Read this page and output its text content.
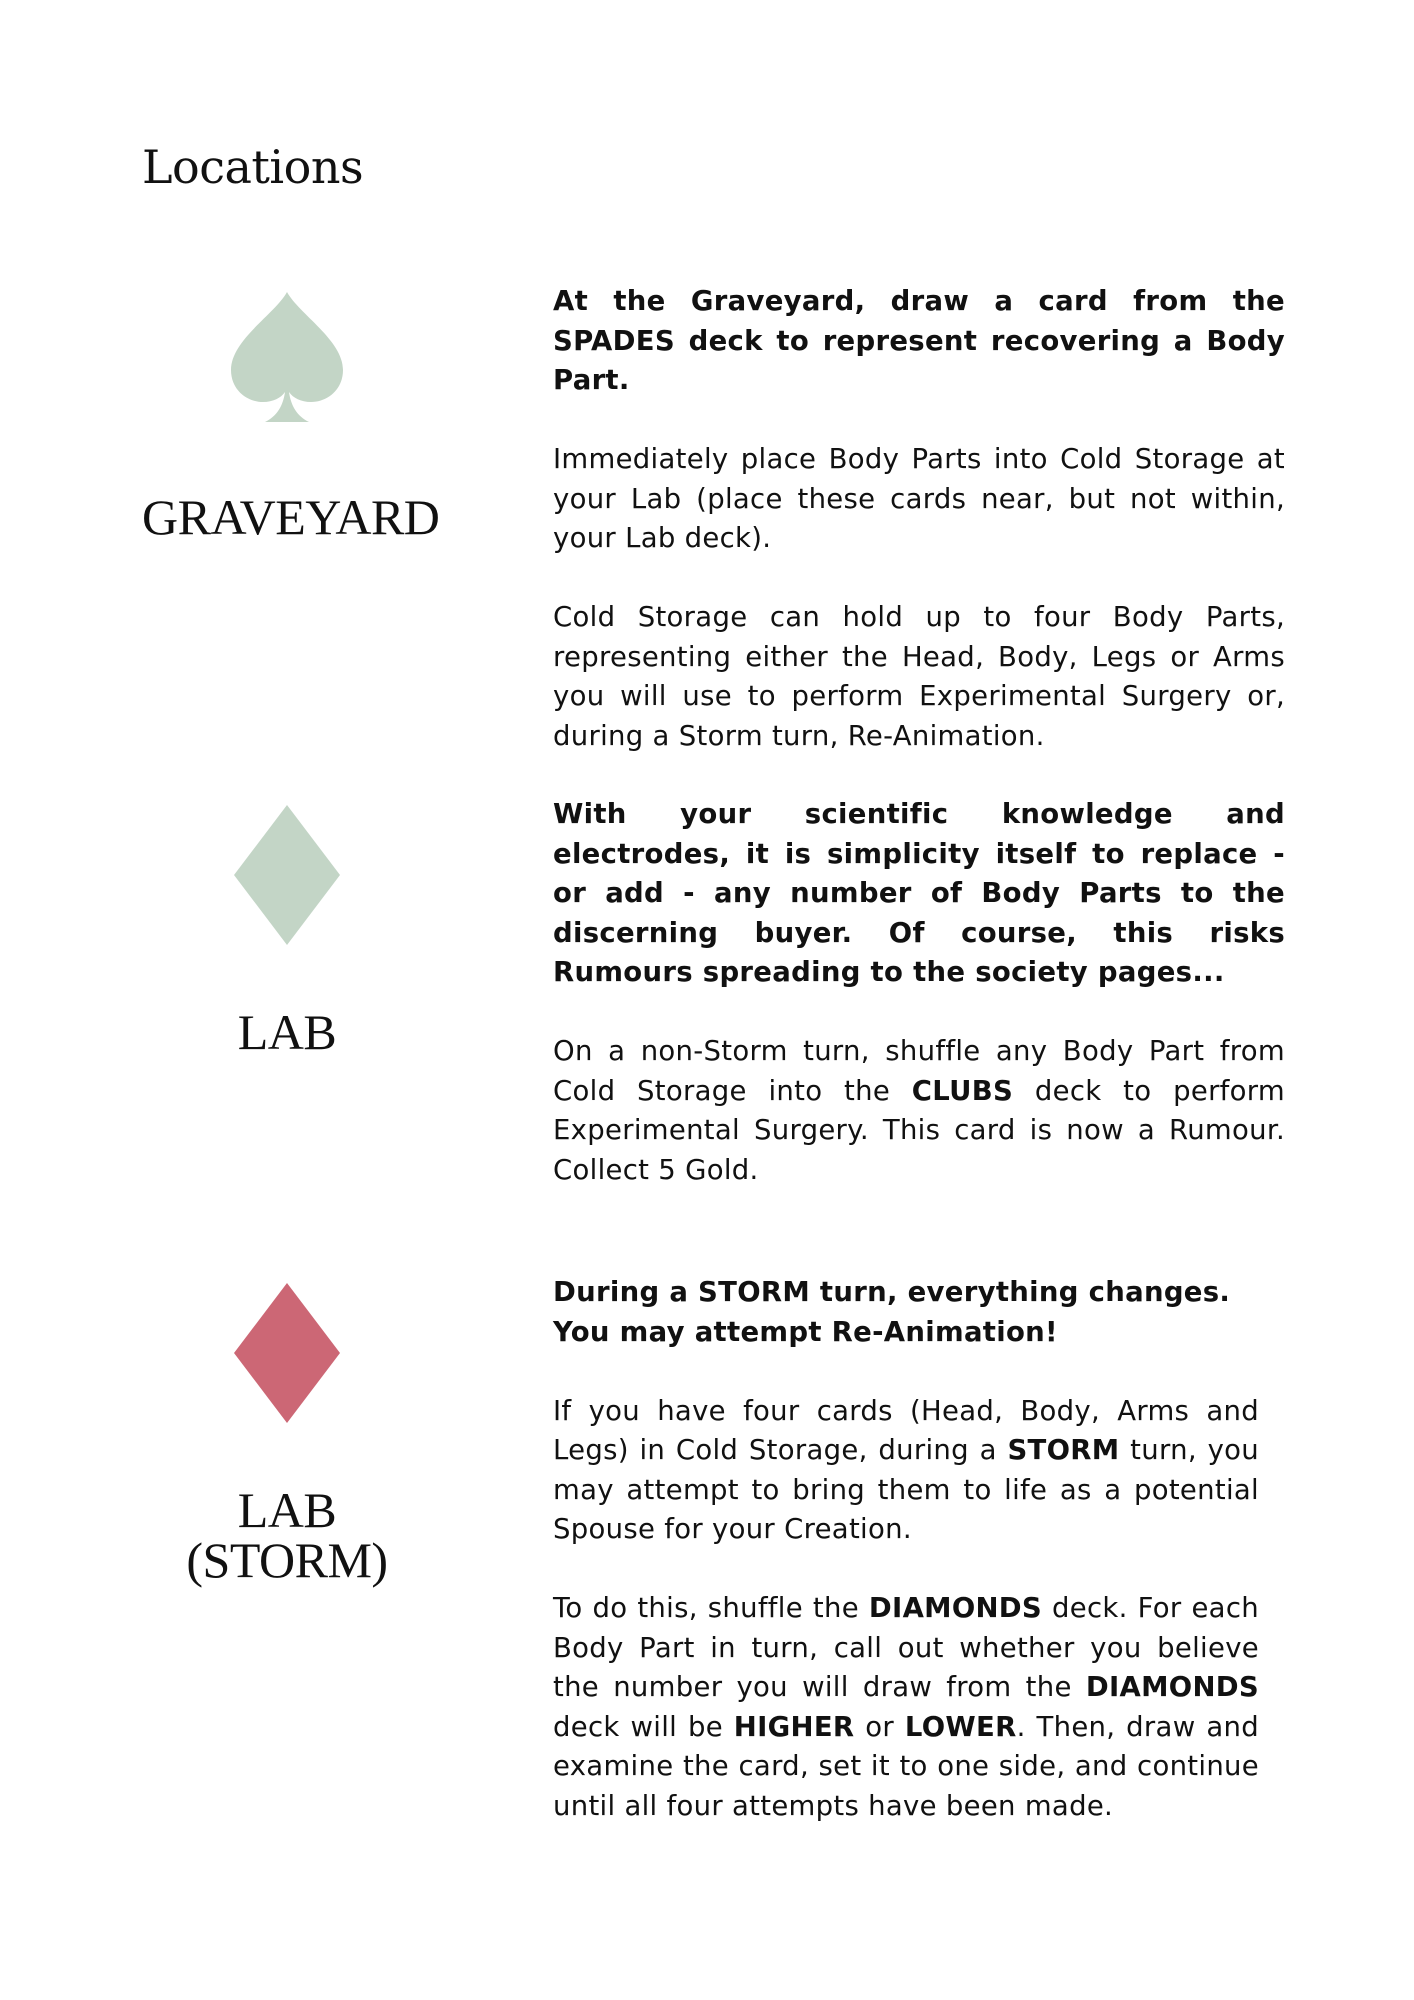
Locations
GRAVEYARD

At the Graveyard, draw a card from the SPADES deck to represent recovering a Body Part.

Immediately place Body Parts into Cold Storage at your Lab (place these cards near, but not within, your Lab deck).

Cold Storage can hold up to four Body Parts, representing either the Head, Body, Legs or Arms you will use to perform Experimental Surgery or, during a Storm turn, Re-Animation.

LAB

With your scientific knowledge and electrodes, it is simplicity itself to replace - or add - any number of Body Parts to the discerning buyer. Of course, this risks Rumours spreading to the society pages...

On a non-Storm turn, shuffle any Body Part from Cold Storage into the CLUBS deck to perform Experimental Surgery. This card is now a Rumour. Collect 5 Gold.

LAB
(STORM)

During a STORM turn, everything changes. You may attempt Re-Animation!

If you have four cards (Head, Body, Arms and Legs) in Cold Storage, during a STORM turn, you may attempt to bring them to life as a potential Spouse for your Creation.

To do this, shuffle the DIAMONDS deck. For each Body Part in turn, call out whether you believe the number you will draw from the DIAMONDS deck will be HIGHER or LOWER. Then, draw and examine the card, set it to one side, and continue until all four attempts have been made.
